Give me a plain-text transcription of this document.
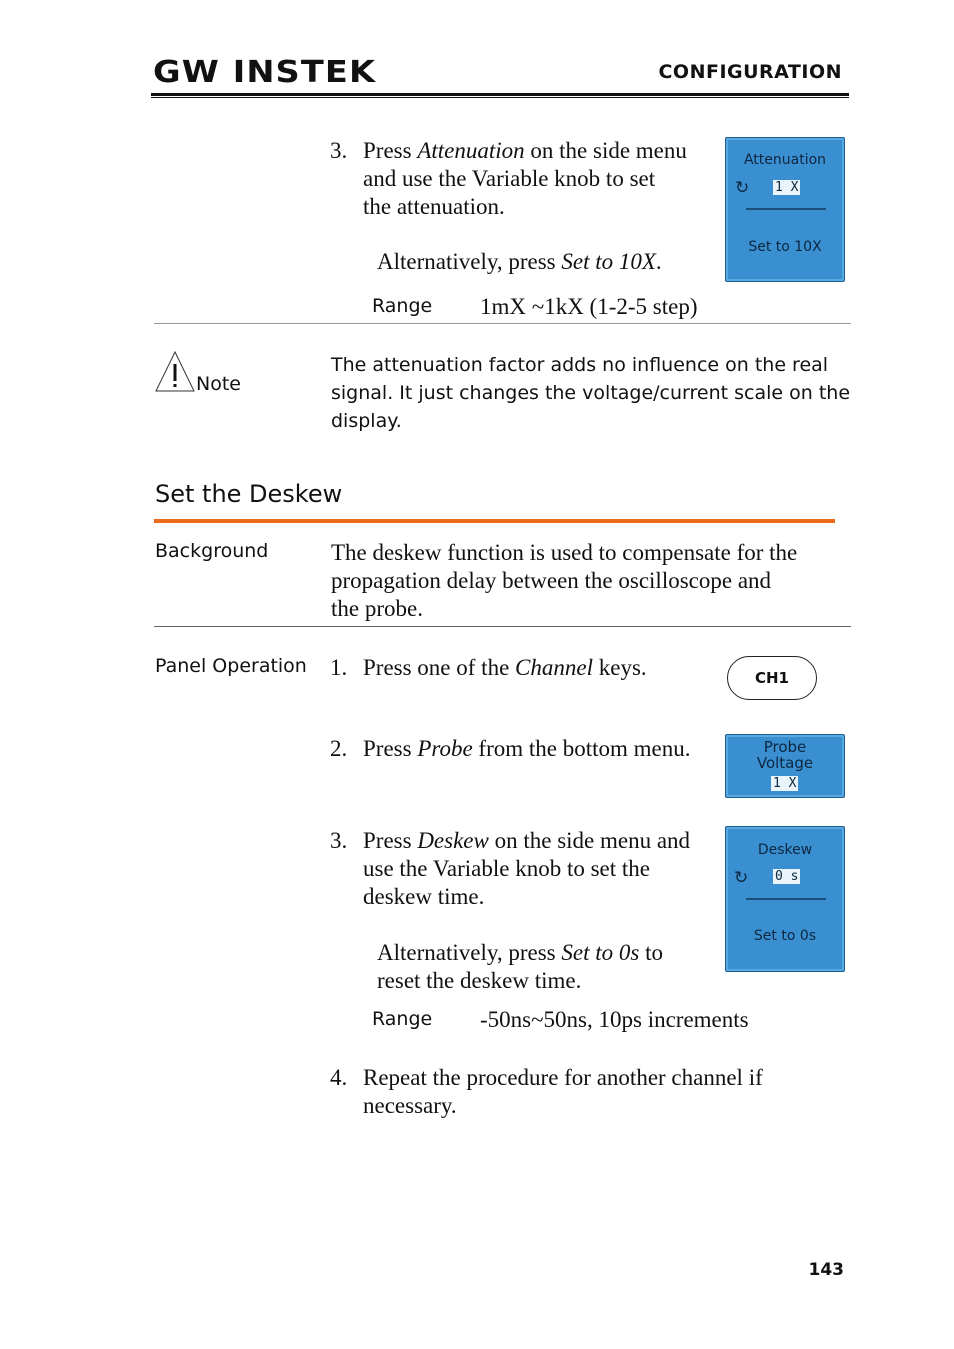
GW INSTEK	CONFIGURATION
3. Press Attenuation on the side menu
and use the Variable knob to set
the attenuation.
Alternatively, press Set to 10X.
Range 1mX ~1kX (1-2-5 step)
Attenuation
↻ 1 X
Set to 10X
Note
The attenuation factor adds no influence on the real
signal. It just changes the voltage/current scale on the
display.
Set the Deskew
Background	The deskew function is used to compensate for the
propagation delay between the oscilloscope and
the probe.
Panel Operation 1. Press one of the Channel keys.	CH1
2. Press Probe from the bottom menu.	Probe
Voltage
1 X
3. Press Deskew on the side menu and
use the Variable knob to set the
deskew time.
Alternatively, press Set to 0s to
reset the deskew time.
Range -50ns~50ns, 10ps increments
Deskew
↻ 0 s
Set to 0s
4. Repeat the procedure for another channel if
necessary.
143
